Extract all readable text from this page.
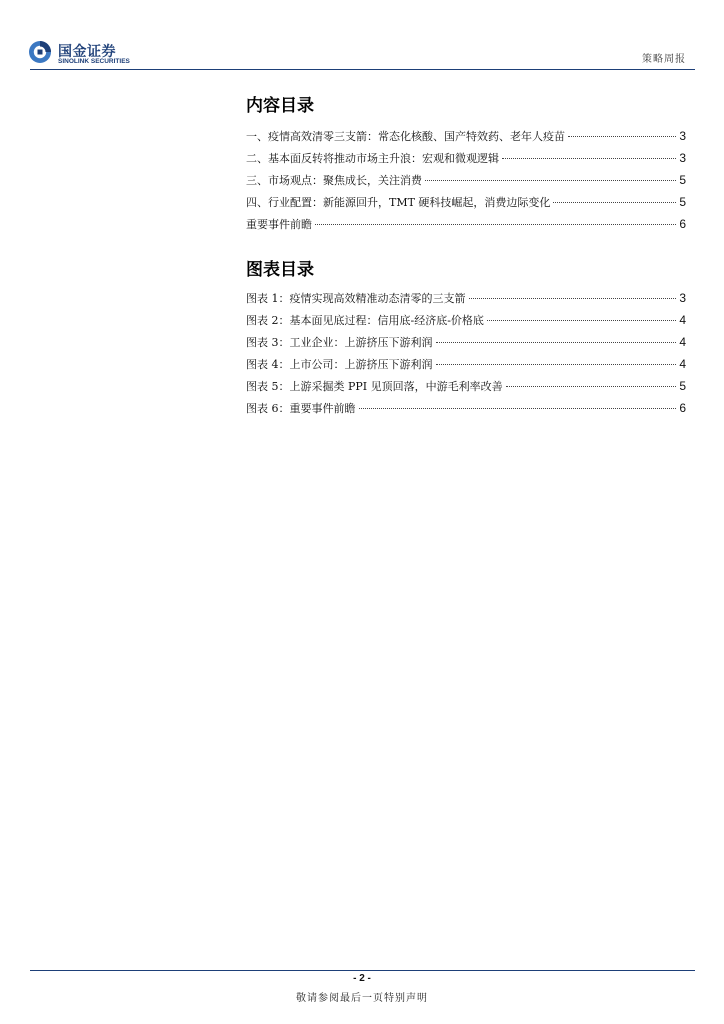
国金证券
SINOLINK SECURITIES	策略周报
内容目录
一、疫情高效清零三支箭：常态化核酸、国产特效药、老年人疫苗	3
二、基本面反转将推动市场主升浪：宏观和微观逻辑	3
三、市场观点：聚焦成长，关注消费	5
四、行业配置：新能源回升，TMT 硬科技崛起，消费边际变化	5
重要事件前瞻	6
图表目录
图表 1：疫情实现高效精准动态清零的三支箭	3
图表 2：基本面见底过程：信用底-经济底-价格底	4
图表 3：工业企业：上游挤压下游利润	4
图表 4：上市公司：上游挤压下游利润	4
图表 5：上游采掘类 PPI 见顶回落，中游毛利率改善	5
图表 6：重要事件前瞻	6
- 2 -
敬请参阅最后一页特别声明
